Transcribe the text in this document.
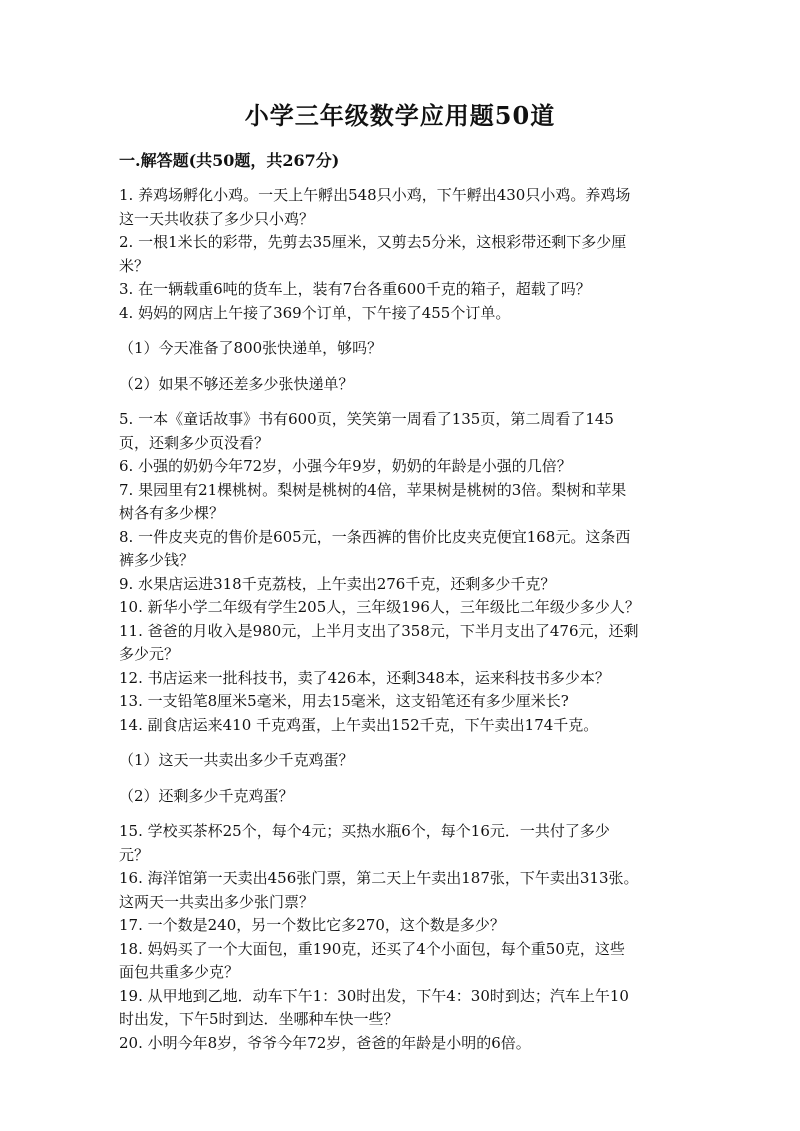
小学三年级数学应用题50道
一.解答题(共50题，共267分)

1. 养鸡场孵化小鸡。一天上午孵出548只小鸡，下午孵出430只小鸡。养鸡场
这一天共收获了多少只小鸡？

2. 一根1米长的彩带，先剪去35厘米，又剪去5分米，这根彩带还剩下多少厘
米？

3. 在一辆载重6吨的货车上，装有7台各重600千克的箱子，超载了吗？

4. 妈妈的网店上午接了369个订单，下午接了455个订单。

（1）今天准备了800张快递单，够吗？

（2）如果不够还差多少张快递单？

5. 一本《童话故事》书有600页，笑笑第一周看了135页，第二周看了145
页，还剩多少页没看？

6. 小强的奶奶今年72岁，小强今年9岁，奶奶的年龄是小强的几倍？

7. 果园里有21棵桃树。梨树是桃树的4倍，苹果树是桃树的3倍。梨树和苹果
树各有多少棵？

8. 一件皮夹克的售价是605元，一条西裤的售价比皮夹克便宜168元。这条西
裤多少钱？

9. 水果店运进318千克荔枝，上午卖出276千克，还剩多少千克？

10. 新华小学二年级有学生205人，三年级196人，三年级比二年级少多少人？

11. 爸爸的月收入是980元，上半月支出了358元，下半月支出了476元，还剩
多少元？

12. 书店运来一批科技书，卖了426本，还剩348本，运来科技书多少本？

13. 一支铅笔8厘米5毫米，用去15毫米，这支铅笔还有多少厘米长?

14. 副食店运来410 千克鸡蛋，上午卖出152千克，下午卖出174千克。

（1）这天一共卖出多少千克鸡蛋？

（2）还剩多少千克鸡蛋？

15. 学校买茶杯25个，每个4元；买热水瓶6个，每个16元．一共付了多少
元？

16. 海洋馆第一天卖出456张门票，第二天上午卖出187张，下午卖出313张。
这两天一共卖出多少张门票？

17. 一个数是240，另一个数比它多270，这个数是多少？

18. 妈妈买了一个大面包，重190克，还买了4个小面包，每个重50克，这些
面包共重多少克？

19. 从甲地到乙地．动车下午1：30时出发，下午4：30时到达；汽车上午10
时出发，下午5时到达．坐哪种车快一些？

20. 小明今年8岁，爷爷今年72岁，爸爸的年龄是小明的6倍。
